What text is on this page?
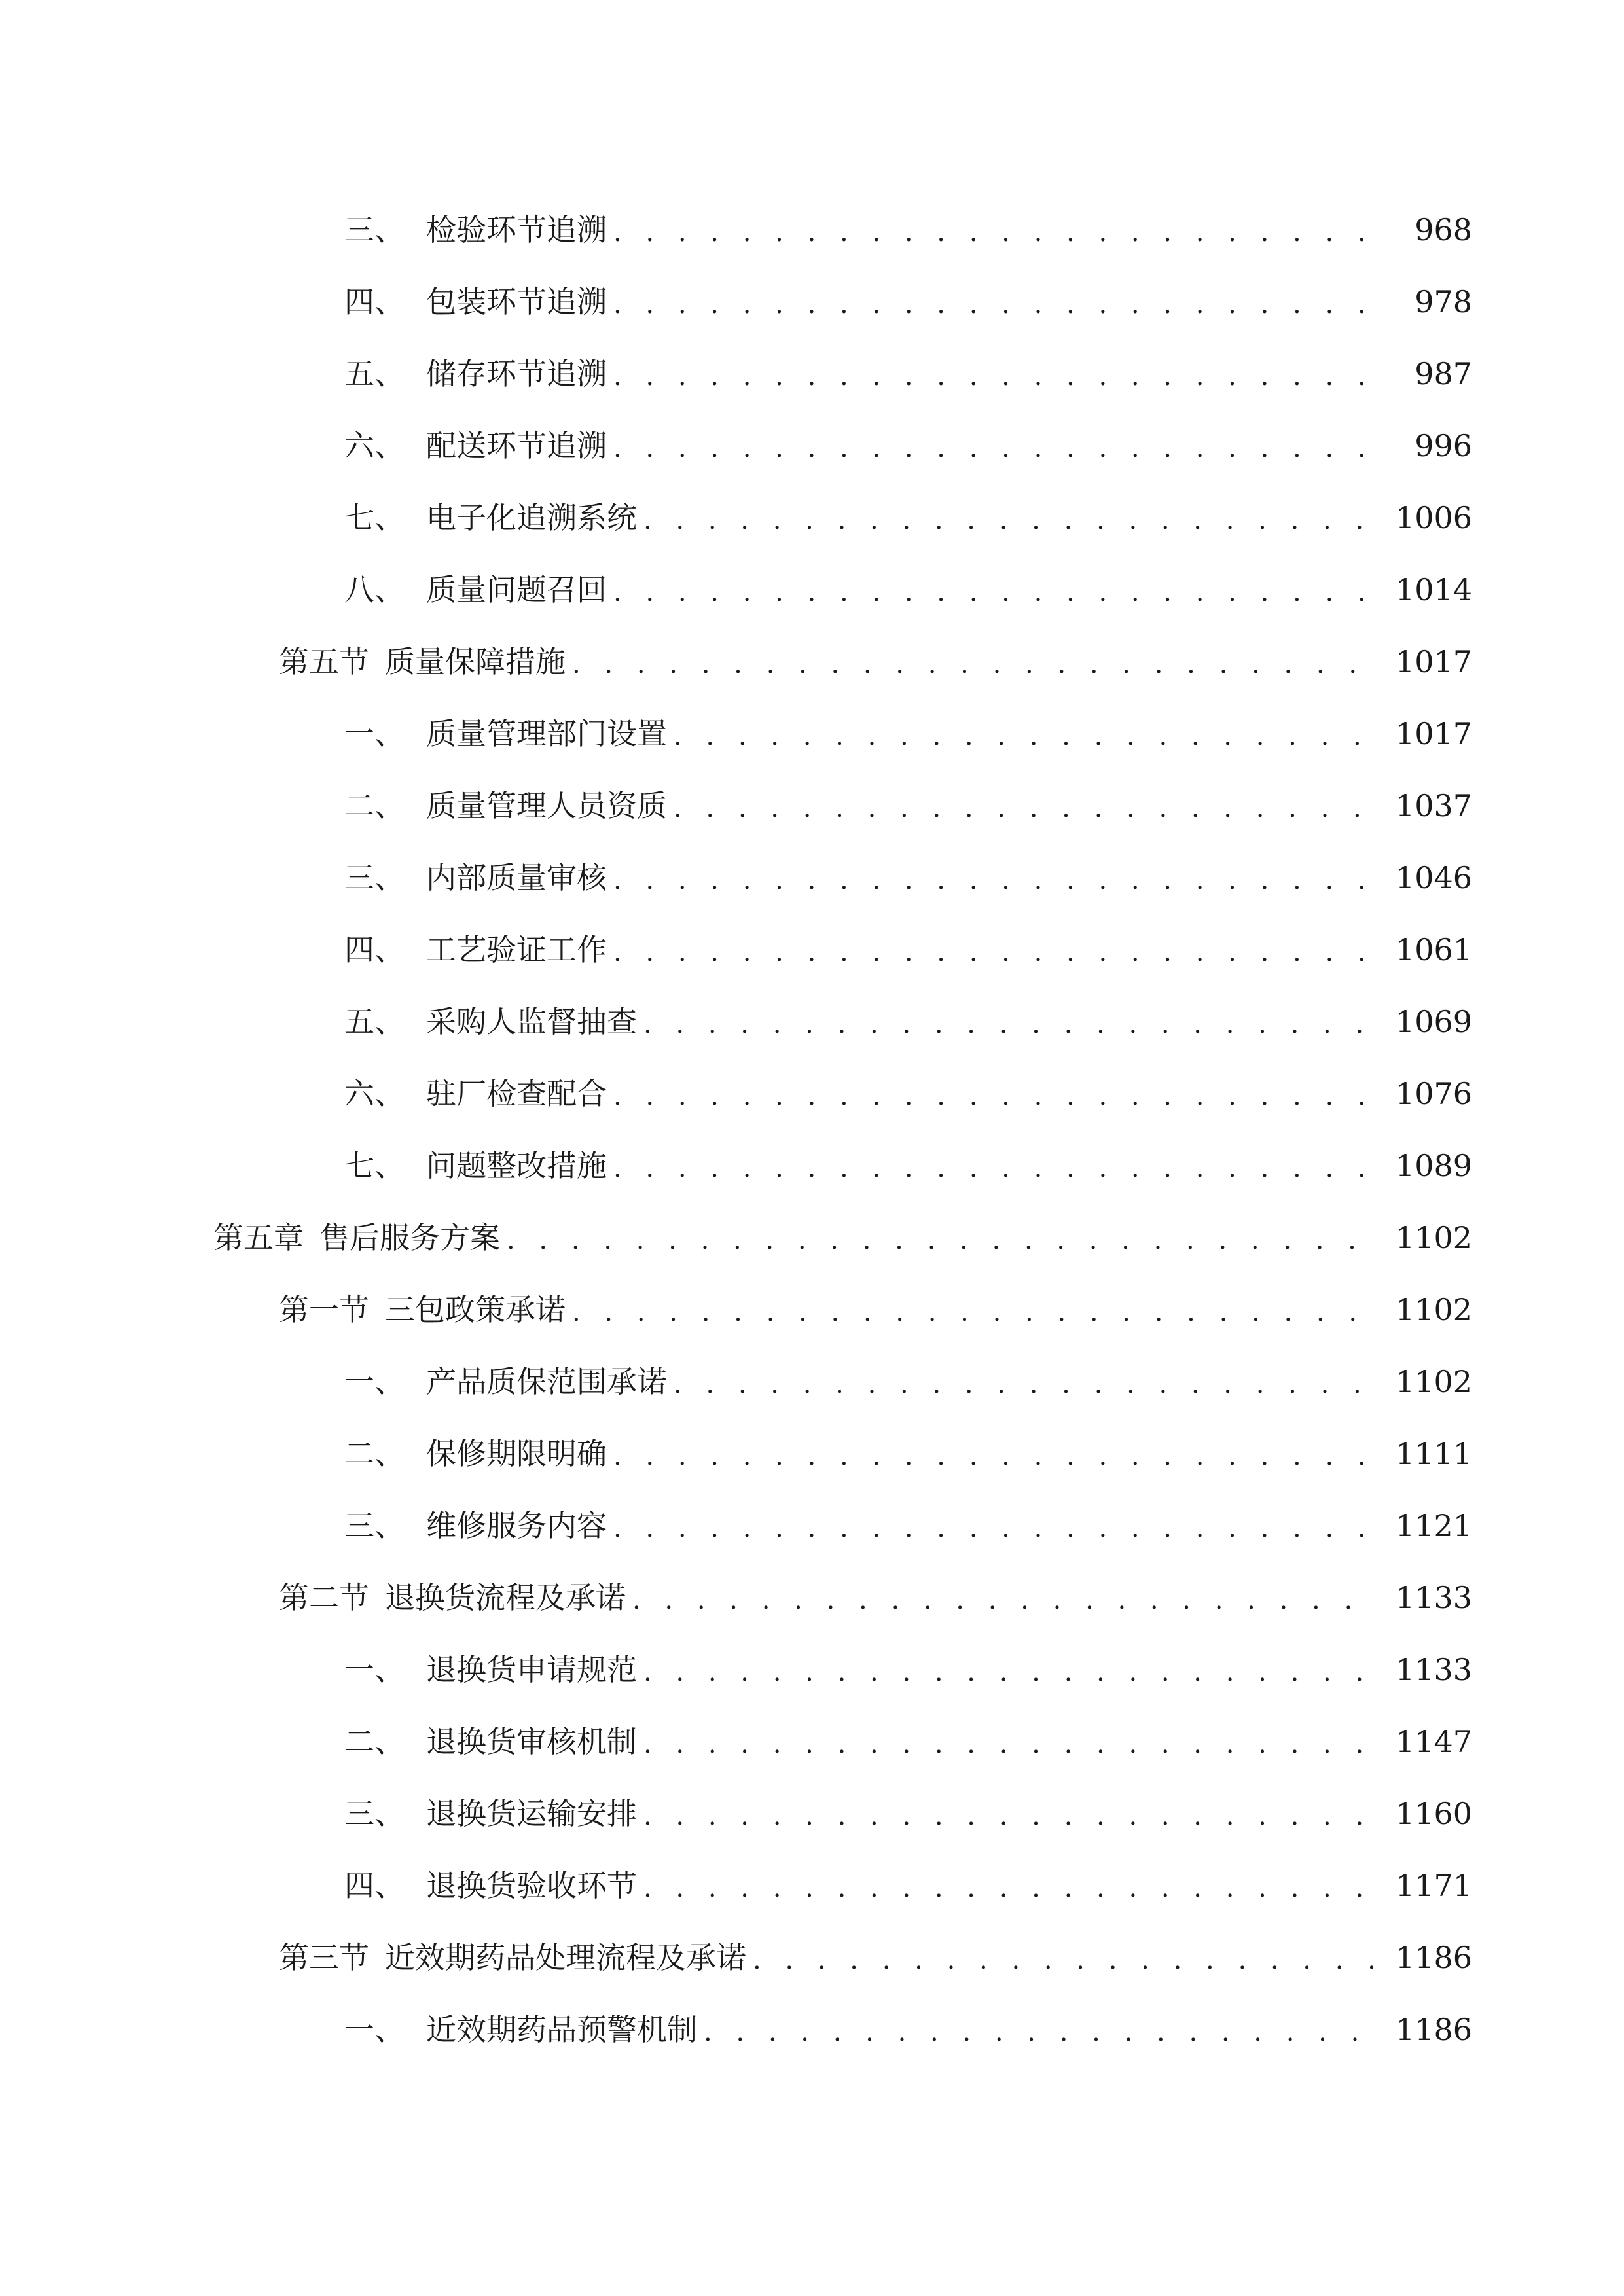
三、 检验环节追溯 . . .	968
四、 包装环节追溯 . . .	978
五、 储存环节追溯 . . .	987
六、 配送环节追溯 . . .	996
七、 电子化追溯系统 . . .	1006
八、 质量问题召回 . . .	1014
第五节 质量保障措施 . . .	1017
一、 质量管理部门设置 . . .	1017
二、 质量管理人员资质 . . .	1037
三、 内部质量审核 . . .	1046
四、 工艺验证工作 . . .	1061
五、 采购人监督抽查 . . .	1069
六、 驻厂检查配合 . . .	1076
七、 问题整改措施 . . .	1089
第五章 售后服务方案 . . .	1102
第一节 三包政策承诺 . . .	1102
一、 产品质保范围承诺 . . .	1102
二、 保修期限明确 . . .	1111
三、 维修服务内容 . . .	1121
第二节 退换货流程及承诺 . . .	1133
一、 退换货申请规范 . . .	1133
二、 退换货审核机制 . . .	1147
三、 退换货运输安排 . . .	1160
四、 退换货验收环节 . . .	1171
第三节 近效期药品处理流程及承诺 . . .	1186
一、 近效期药品预警机制 . . .	1186
